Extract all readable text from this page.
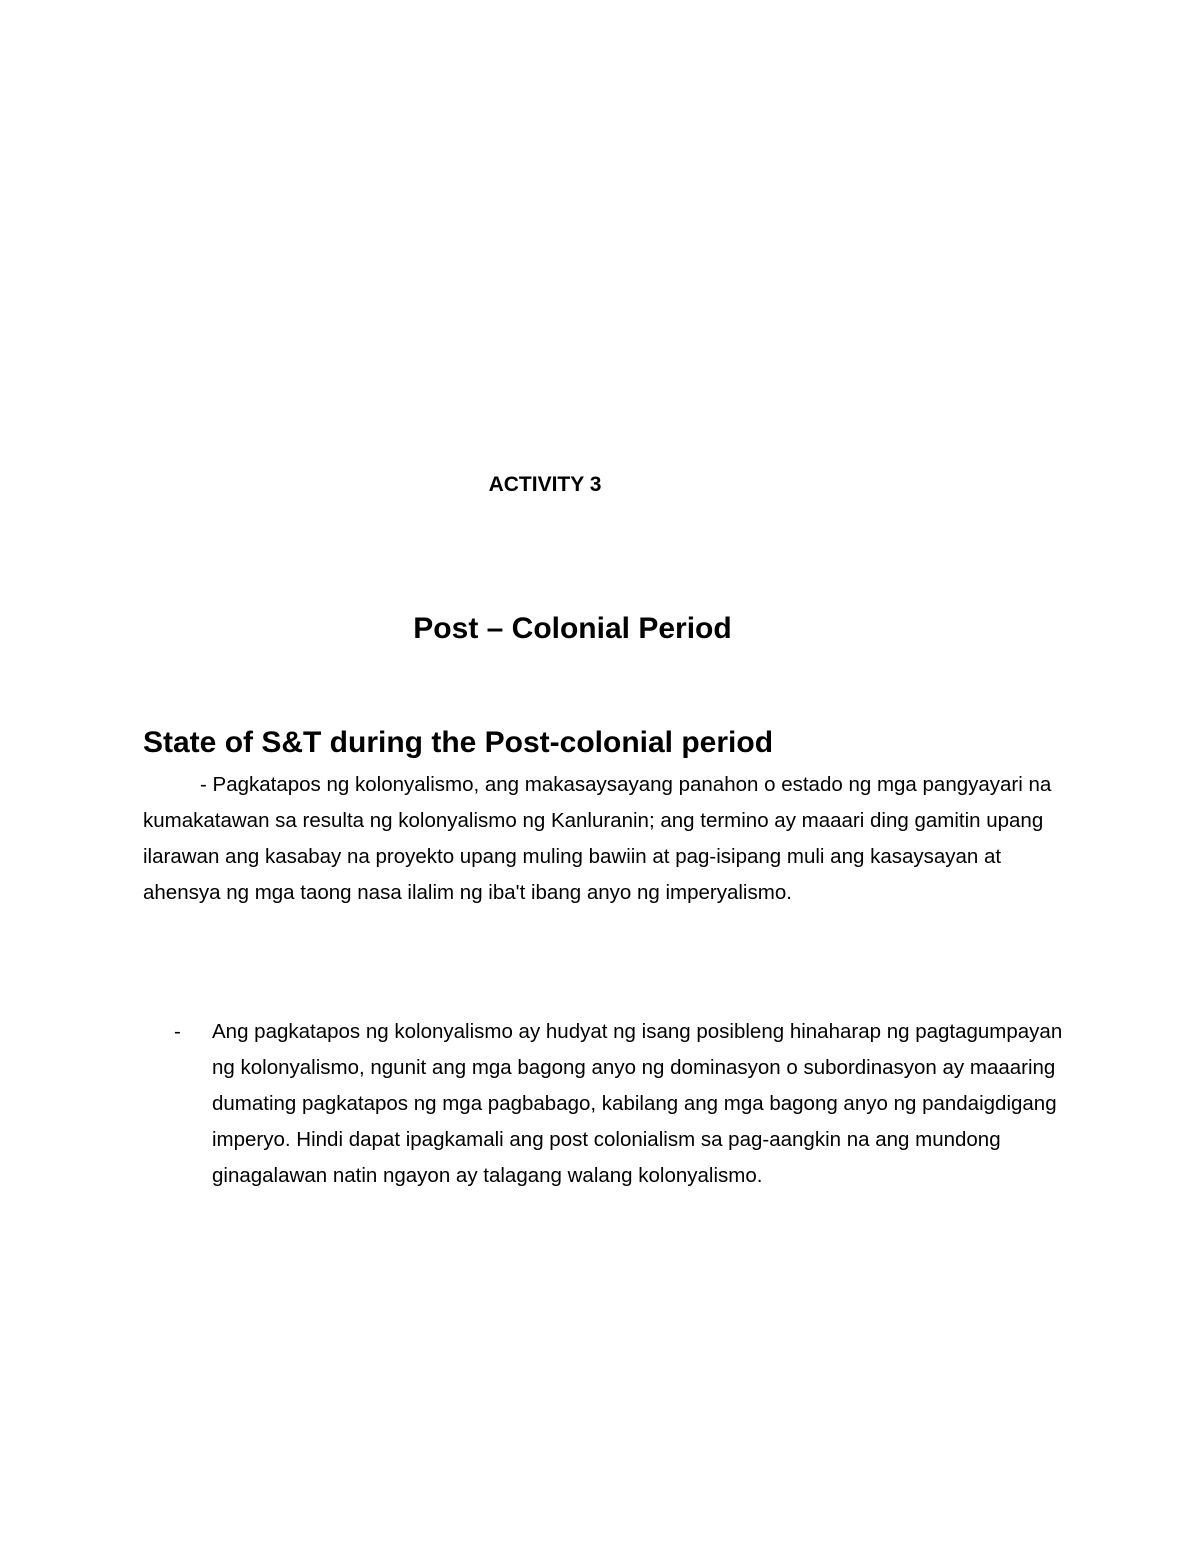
ACTIVITY 3
Post – Colonial Period
State of S&T during the Post-colonial period
- Pagkatapos ng kolonyalismo, ang makasaysayang panahon o estado ng mga pangyayari na kumakatawan sa resulta ng kolonyalismo ng Kanluranin; ang termino ay maaari ding gamitin upang ilarawan ang kasabay na proyekto upang muling bawiin at pag-isipang muli ang kasaysayan at ahensya ng mga taong nasa ilalim ng iba't ibang anyo ng imperyalismo.
- Ang pagkatapos ng kolonyalismo ay hudyat ng isang posibleng hinaharap ng pagtagumpayan ng kolonyalismo, ngunit ang mga bagong anyo ng dominasyon o subordinasyon ay maaaring dumating pagkatapos ng mga pagbabago, kabilang ang mga bagong anyo ng pandaigdigang imperyo. Hindi dapat ipagkamali ang post colonialism sa pag-aangkin na ang mundong ginagalawan natin ngayon ay talagang walang kolonyalismo.
